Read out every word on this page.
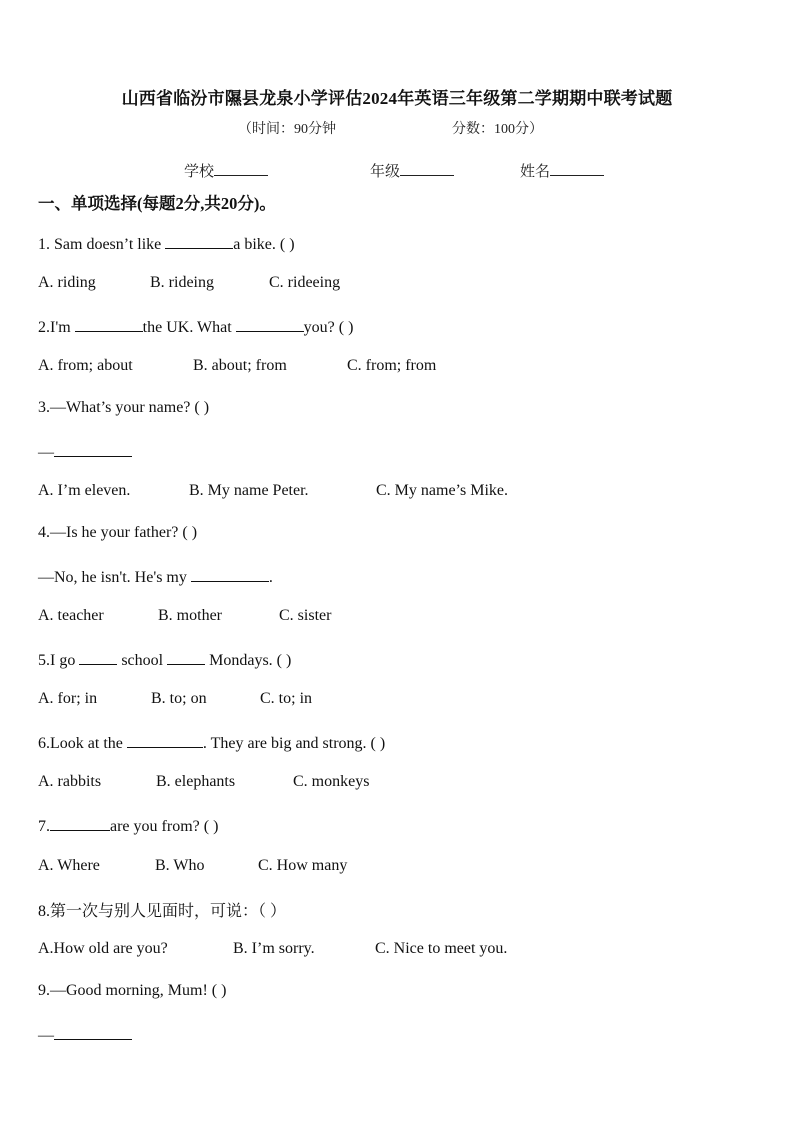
山西省临汾市隰县龙泉小学评估2024年英语三年级第二学期期中联考试题
（时间：90分钟	分数：100分）
学校	年级	姓名
一、单项选择(每题2分,共20分)。
1. Sam doesn’t like	a bike. ( )
A. riding	B. rideing	C. rideeing
2.I'm	the UK. What	you? ( )
A. from; about	B. about; from	C. from; from
3.—What’s your name? ( )
—
A. I’m eleven.	B. My name Peter.	C. My name’s Mike.
4.—Is he your father? ( )
—No, he isn't. He's my	.
A. teacher	B. mother	C. sister
5.I go  school  Mondays. ( )
A. for; in	B. to; on	C. to; in
6.Look at the	. They are big and strong. ( )
A. rabbits	B. elephants	C. monkeys
7.	are you from? ( )
A. Where	B. Who	C. How many
8.第一次与别人见面时，可说：（ ）
A.How old are you?	B. I’m sorry.	C. Nice to meet you.
9.—Good morning, Mum! ( )
—
